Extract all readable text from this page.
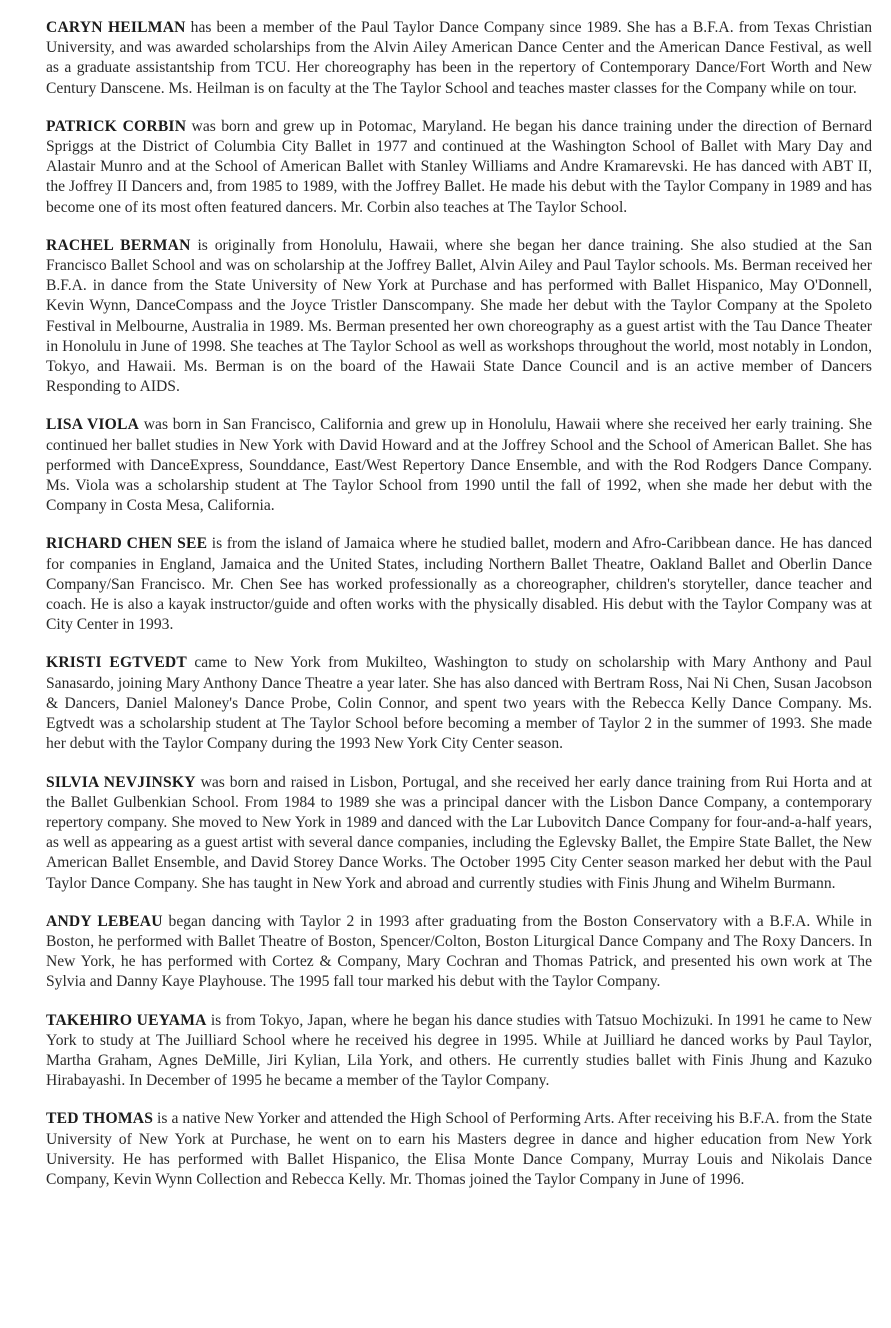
CARYN HEILMAN has been a member of the Paul Taylor Dance Company since 1989. She has a B.F.A. from Texas Christian University, and was awarded scholarships from the Alvin Ailey American Dance Center and the American Dance Festival, as well as a graduate assistantship from TCU. Her choreography has been in the repertory of Contemporary Dance/Fort Worth and New Century Danscene. Ms. Heilman is on faculty at the The Taylor School and teaches master classes for the Company while on tour.

PATRICK CORBIN was born and grew up in Potomac, Maryland. He began his dance training under the direction of Bernard Spriggs at the District of Columbia City Ballet in 1977 and continued at the Washington School of Ballet with Mary Day and Alastair Munro and at the School of American Ballet with Stanley Williams and Andre Kramarevski. He has danced with ABT II, the Joffrey II Dancers and, from 1985 to 1989, with the Joffrey Ballet. He made his debut with the Taylor Company in 1989 and has become one of its most often featured dancers. Mr. Corbin also teaches at The Taylor School.

RACHEL BERMAN is originally from Honolulu, Hawaii, where she began her dance training. She also studied at the San Francisco Ballet School and was on scholarship at the Joffrey Ballet, Alvin Ailey and Paul Taylor schools. Ms. Berman received her B.F.A. in dance from the State University of New York at Purchase and has performed with Ballet Hispanico, May O'Donnell, Kevin Wynn, DanceCompass and the Joyce Tristler Danscompany. She made her debut with the Taylor Company at the Spoleto Festival in Melbourne, Australia in 1989. Ms. Berman presented her own choreography as a guest artist with the Tau Dance Theater in Honolulu in June of 1998. She teaches at The Taylor School as well as workshops throughout the world, most notably in London, Tokyo, and Hawaii. Ms. Berman is on the board of the Hawaii State Dance Council and is an active member of Dancers Responding to AIDS.

LISA VIOLA was born in San Francisco, California and grew up in Honolulu, Hawaii where she received her early training. She continued her ballet studies in New York with David Howard and at the Joffrey School and the School of American Ballet. She has performed with DanceExpress, Sounddance, East/West Repertory Dance Ensemble, and with the Rod Rodgers Dance Company. Ms. Viola was a scholarship student at The Taylor School from 1990 until the fall of 1992, when she made her debut with the Company in Costa Mesa, California.

RICHARD CHEN SEE is from the island of Jamaica where he studied ballet, modern and Afro-Caribbean dance. He has danced for companies in England, Jamaica and the United States, including Northern Ballet Theatre, Oakland Ballet and Oberlin Dance Company/San Francisco. Mr. Chen See has worked professionally as a choreographer, children's storyteller, dance teacher and coach. He is also a kayak instructor/guide and often works with the physically disabled. His debut with the Taylor Company was at City Center in 1993.

KRISTI EGTVEDT came to New York from Mukilteo, Washington to study on scholarship with Mary Anthony and Paul Sanasardo, joining Mary Anthony Dance Theatre a year later. She has also danced with Bertram Ross, Nai Ni Chen, Susan Jacobson & Dancers, Daniel Maloney's Dance Probe, Colin Connor, and spent two years with the Rebecca Kelly Dance Company. Ms. Egtvedt was a scholarship student at The Taylor School before becoming a member of Taylor 2 in the summer of 1993. She made her debut with the Taylor Company during the 1993 New York City Center season.

SILVIA NEVJINSKY was born and raised in Lisbon, Portugal, and she received her early dance training from Rui Horta and at the Ballet Gulbenkian School. From 1984 to 1989 she was a principal dancer with the Lisbon Dance Company, a contemporary repertory company. She moved to New York in 1989 and danced with the Lar Lubovitch Dance Company for four-and-a-half years, as well as appearing as a guest artist with several dance companies, including the Eglevsky Ballet, the Empire State Ballet, the New American Ballet Ensemble, and David Storey Dance Works. The October 1995 City Center season marked her debut with the Paul Taylor Dance Company. She has taught in New York and abroad and currently studies with Finis Jhung and Wihelm Burmann.

ANDY LEBEAU began dancing with Taylor 2 in 1993 after graduating from the Boston Conservatory with a B.F.A. While in Boston, he performed with Ballet Theatre of Boston, Spencer/Colton, Boston Liturgical Dance Company and The Roxy Dancers. In New York, he has performed with Cortez & Company, Mary Cochran and Thomas Patrick, and presented his own work at The Sylvia and Danny Kaye Playhouse. The 1995 fall tour marked his debut with the Taylor Company.

TAKEHIRO UEYAMA is from Tokyo, Japan, where he began his dance studies with Tatsuo Mochizuki. In 1991 he came to New York to study at The Juilliard School where he received his degree in 1995. While at Juilliard he danced works by Paul Taylor, Martha Graham, Agnes DeMille, Jiri Kylian, Lila York, and others. He currently studies ballet with Finis Jhung and Kazuko Hirabayashi. In December of 1995 he became a member of the Taylor Company.

TED THOMAS is a native New Yorker and attended the High School of Performing Arts. After receiving his B.F.A. from the State University of New York at Purchase, he went on to earn his Masters degree in dance and higher education from New York University. He has performed with Ballet Hispanico, the Elisa Monte Dance Company, Murray Louis and Nikolais Dance Company, Kevin Wynn Collection and Rebecca Kelly. Mr. Thomas joined the Taylor Company in June of 1996.
